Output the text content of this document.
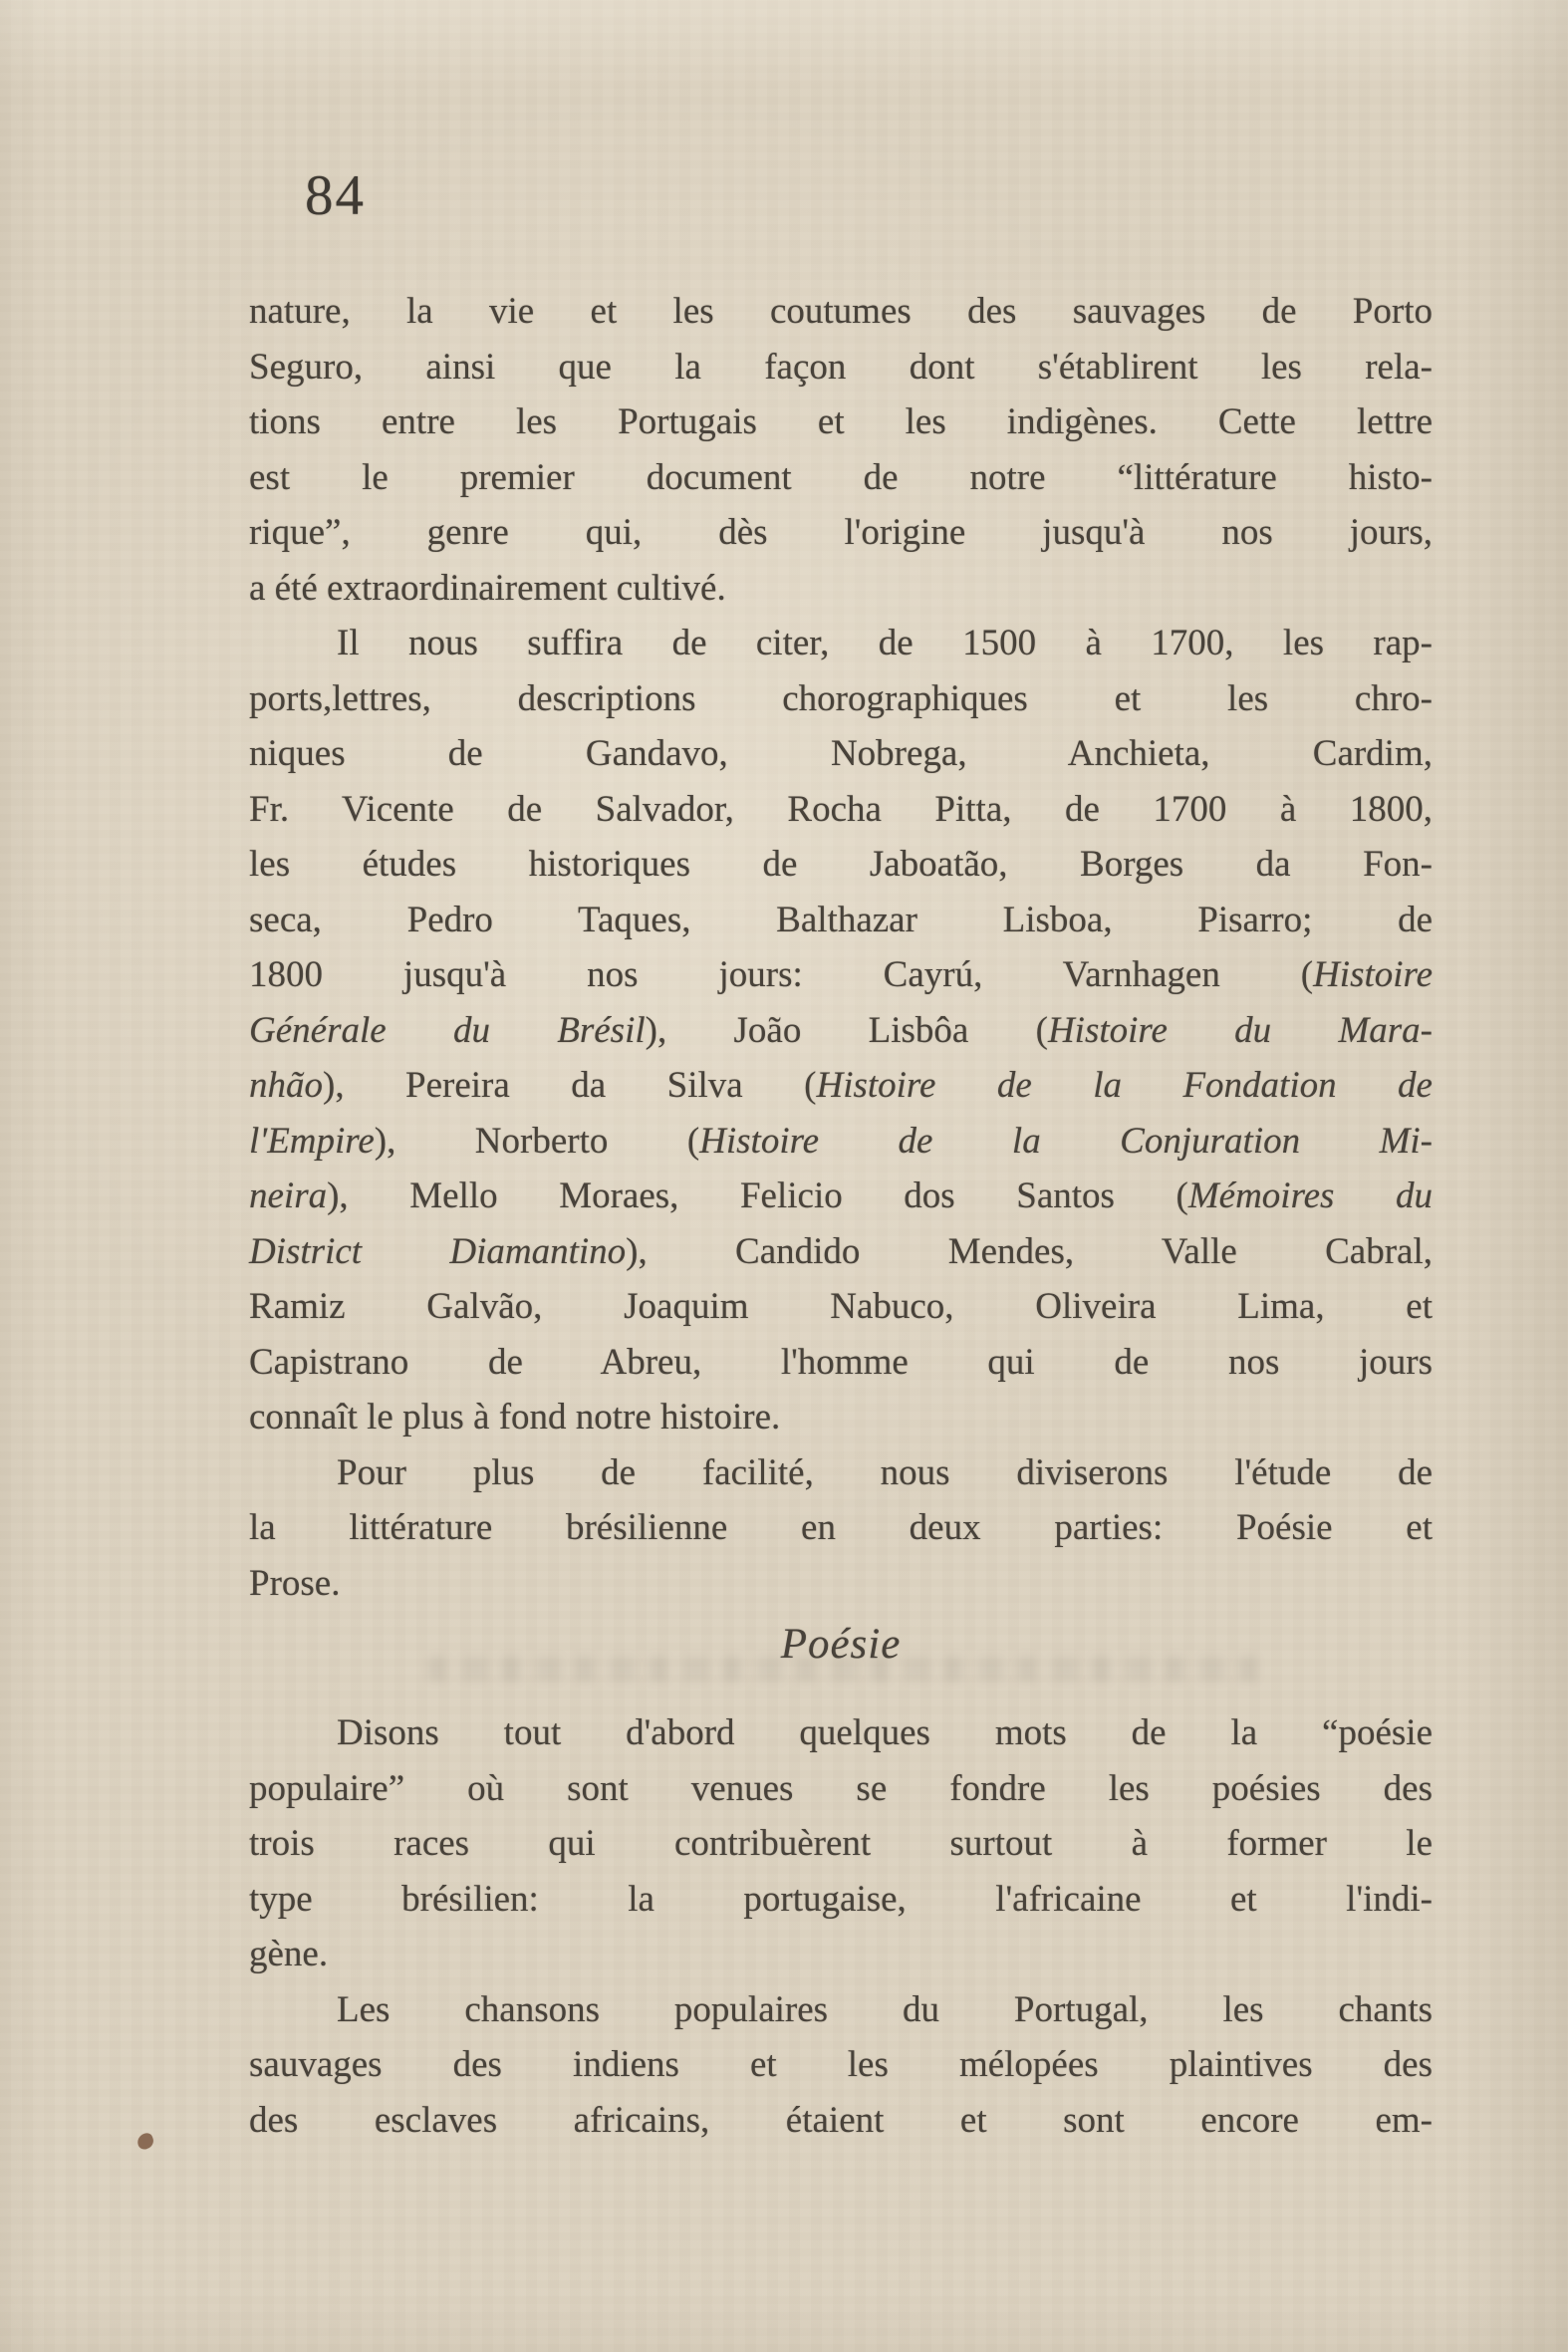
84
nature, la vie et les coutumes des sauvages de Porto
Seguro, ainsi que la façon dont s'établirent les rela-
tions entre les Portugais et les indigènes. Cette lettre
est le premier document de notre “littérature histo-
rique”, genre qui, dès l'origine jusqu'à nos jours,
a été extraordinairement cultivé.
Il nous suffira de citer, de 1500 à 1700, les rap-
ports,lettres, descriptions chorographiques et les chro-
niques de Gandavo, Nobrega, Anchieta, Cardim,
Fr. Vicente de Salvador, Rocha Pitta, de 1700 à 1800,
les études historiques de Jaboatão, Borges da Fon-
seca, Pedro Taques, Balthazar Lisboa, Pisarro; de
1800 jusqu'à nos jours: Cayrú, Varnhagen (Histoire
Générale du Brésil), João Lisbôa (Histoire du Mara-
nhão), Pereira da Silva (Histoire de la Fondation de
l'Empire), Norberto (Histoire de la Conjuration Mi-
neira), Mello Moraes, Felicio dos Santos (Mémoires du
District Diamantino), Candido Mendes, Valle Cabral,
Ramiz Galvão, Joaquim Nabuco, Oliveira Lima, et
Capistrano de Abreu, l'homme qui de nos jours
connaît le plus à fond notre histoire.
Pour plus de facilité, nous diviserons l'étude de
la littérature brésilienne en deux parties: Poésie et
Prose.
Poésie
Disons tout d'abord quelques mots de la “poésie
populaire” où sont venues se fondre les poésies des
trois races qui contribuèrent surtout à former le
type brésilien: la portugaise, l'africaine et l'indi-
gène.
Les chansons populaires du Portugal, les chants
sauvages des indiens et les mélopées plaintives des
des esclaves africains, étaient et sont encore em-
